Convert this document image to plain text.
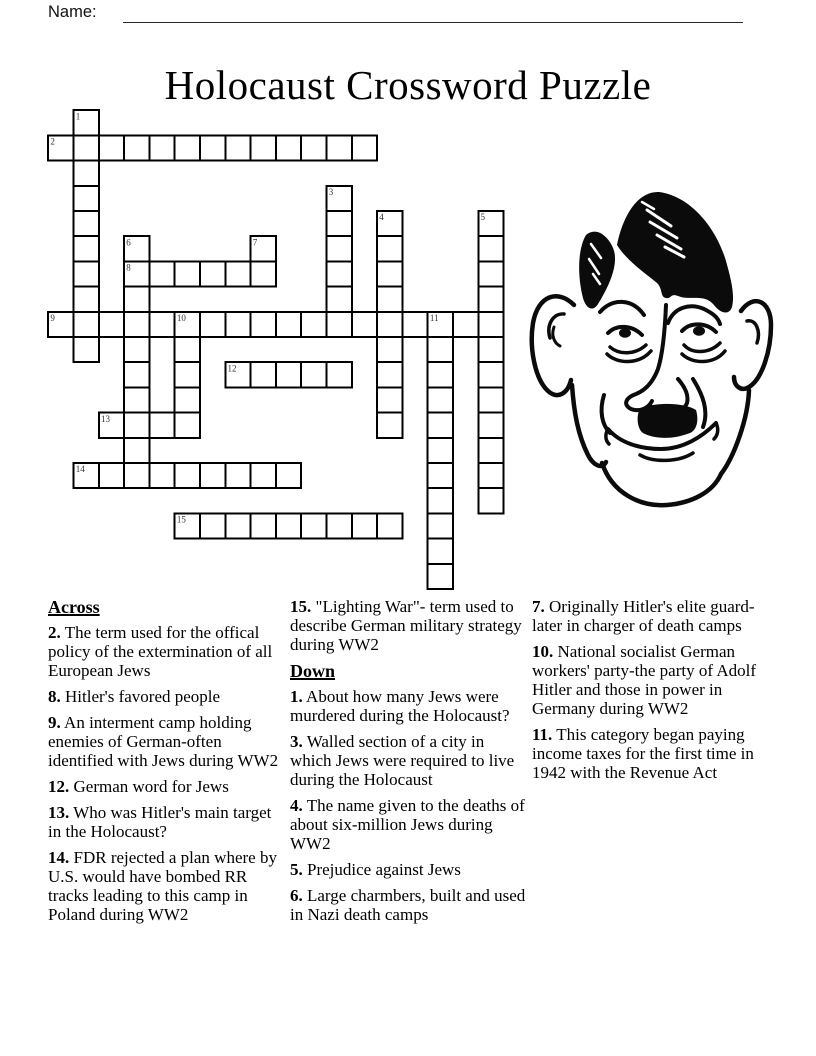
Name:
Holocaust Crossword Puzzle
1
2
3
4	5
6	7
8
9	10	11
12
13
14
15
Across

2. The term used for the offical policy of the extermination of all European Jews

8. Hitler's favored people

9. An interment camp holding enemies of German-often identified with Jews during WW2

12. German word for Jews

13. Who was Hitler's main target in the Holocaust?

14. FDR rejected a plan where by U.S. would have bombed RR tracks leading to this camp in Poland during WW2

15. "Lighting War"- term used to describe German military strategy during WW2

Down

1. About how many Jews were murdered during the Holocaust?

3. Walled section of a city in which Jews were required to live during the Holocaust

4. The name given to the deaths of about six-million Jews during WW2

5. Prejudice against Jews

6. Large charmbers, built and used in Nazi death camps

7. Originally Hitler's elite guard- later in charger of death camps

10. National socialist German workers' party-the party of Adolf Hitler and those in power in Germany during WW2

11. This category began paying income taxes for the first time in 1942 with the Revenue Act
